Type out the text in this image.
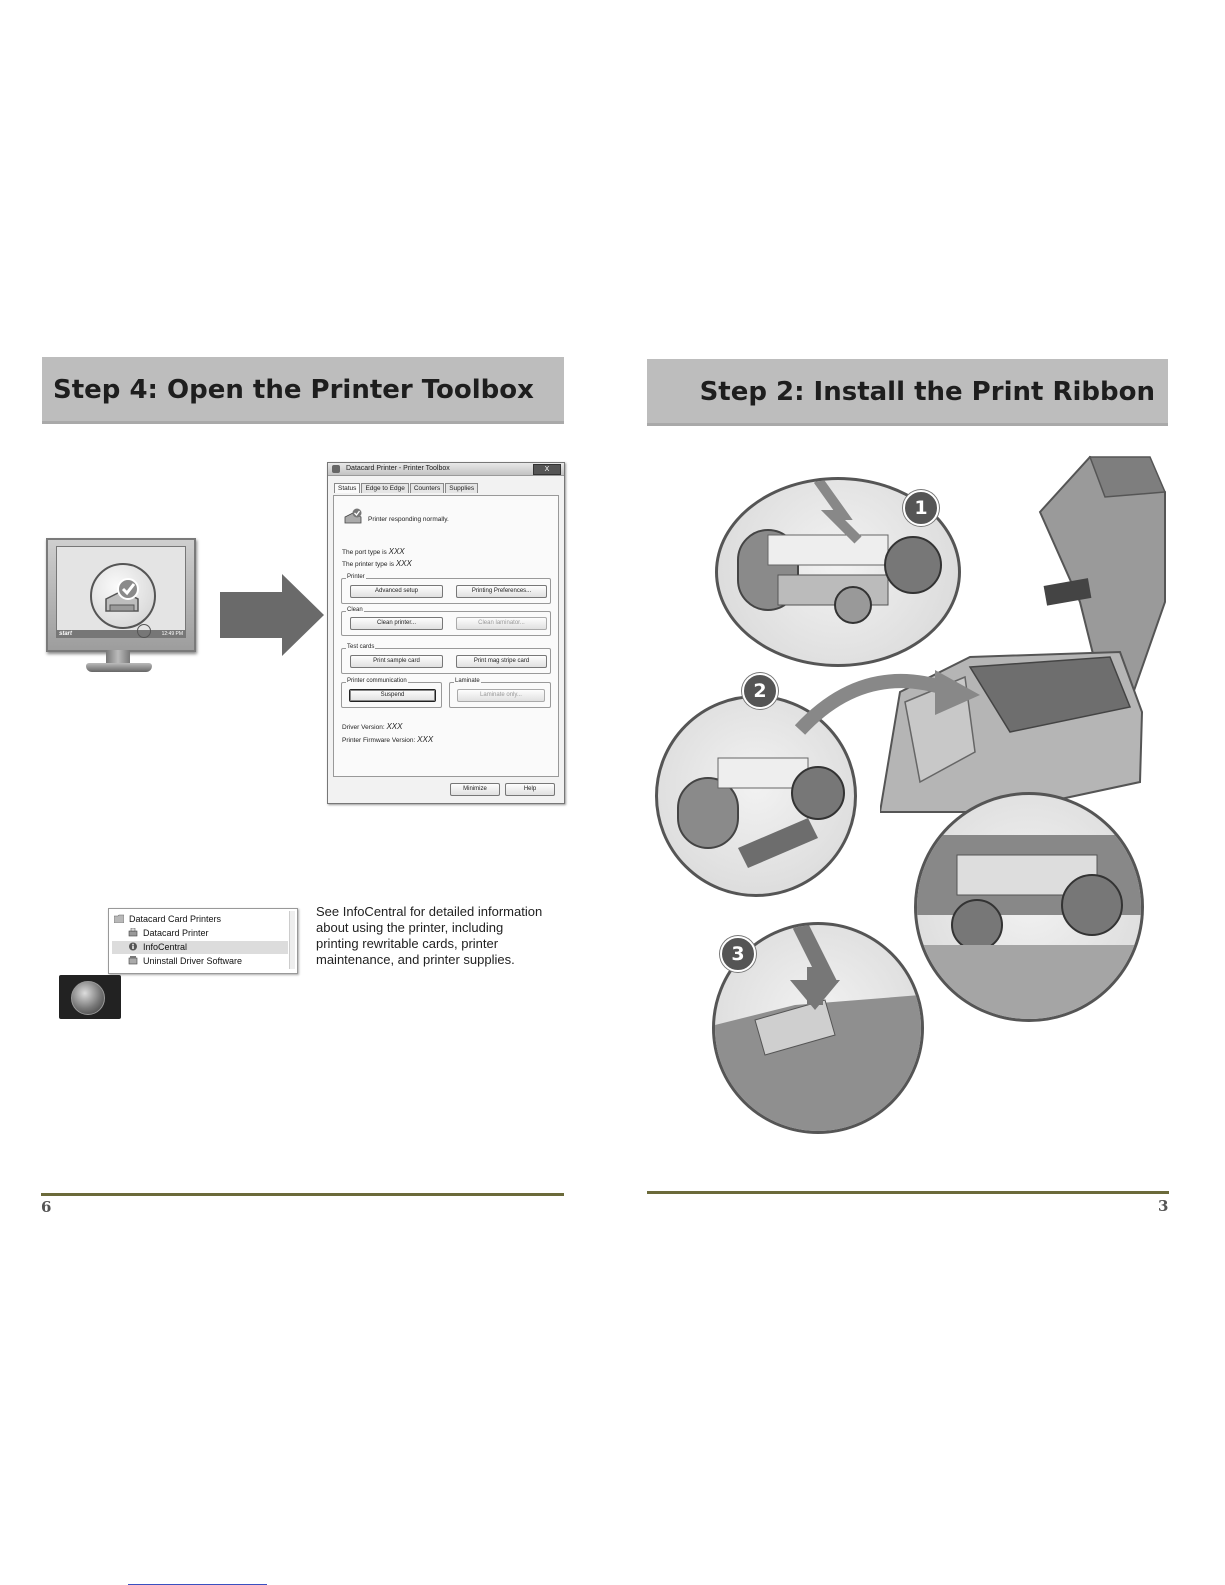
Step 4: Open the Printer Toolbox
start	12:49 PM
Datacard Printer - Printer Toolbox	X
Status	Edge to Edge	Counters	Supplies
Printer responding normally.
The port type is XXX
The printer type is XXX
Printer
Advanced setup	Printing Preferences...
Clean
Clean printer...	Clean laminator...
Test cards
Print sample card	Print mag stripe card
Printer communication
Suspend
Laminate
Laminate only...
Driver Version: XXX
Printer Firmware Version: XXX
Minimize	Help
Datacard Card Printers
Datacard Printer
InfoCentral
Uninstall Driver Software
See InfoCentral for detailed information about using the printer, including printing rewritable cards, printer maintenance, and printer supplies.
6
Step 2: Install the Print Ribbon
1
2
3
3
